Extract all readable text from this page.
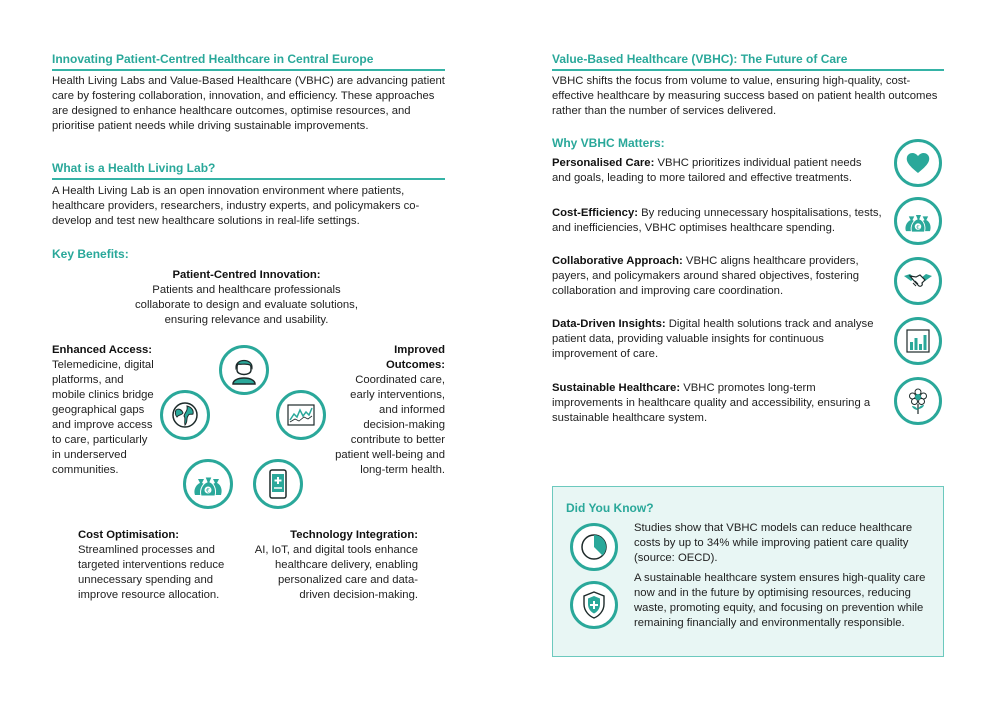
Innovating Patient-Centred Healthcare in Central Europe
Health Living Labs and Value-Based Healthcare (VBHC) are advancing patient care by fostering collaboration, innovation, and efficiency. These approaches are designed to enhance healthcare outcomes, optimise resources, and prioritise patient needs while driving sustainable improvements.
What is a Health Living Lab?
A Health Living Lab is an open innovation environment where patients, healthcare providers, researchers, industry experts, and policymakers co-develop and test new healthcare solutions in real-life settings.
Key Benefits:
Patient-Centred Innovation:
Patients and healthcare professionals collaborate to design and evaluate solutions, ensuring relevance and usability.
Enhanced Access:
Telemedicine, digital platforms, and mobile clinics bridge geographical gaps and improve access to care, particularly in underserved communities.
Improved Outcomes:
Coordinated care, early interventions, and informed decision-making contribute to better patient well-being and long-term health.
Cost Optimisation:
Streamlined processes and targeted interventions reduce unnecessary spending and improve resource allocation.
Technology Integration:
AI, IoT, and digital tools enhance healthcare delivery, enabling personalized care and data-driven decision-making.
€
Value-Based Healthcare (VBHC): The Future of Care
VBHC shifts the focus from volume to value, ensuring high-quality, cost-effective healthcare by measuring success based on patient health outcomes rather than the number of services delivered.
Why VBHC Matters:
Personalised Care: VBHC prioritizes individual patient needs and goals, leading to more tailored and effective treatments.
Cost-Efficiency: By reducing unnecessary hospitalisations, tests, and inefficiencies, VBHC optimises healthcare spending.
Collaborative Approach: VBHC aligns healthcare providers, payers, and policymakers around shared objectives, fostering collaboration and improving care coordination.
Data-Driven Insights: Digital health solutions track and analyse patient data, providing valuable insights for continuous improvement of care.
Sustainable Healthcare: VBHC promotes long-term improvements in healthcare quality and accessibility, ensuring a sustainable healthcare system.
€
Did You Know?
Studies show that VBHC models can reduce healthcare costs by up to 34% while improving patient care quality (source: OECD).
A sustainable healthcare system ensures high-quality care now and in the future by optimising resources, reducing waste, promoting equity, and focusing on prevention while remaining financially and environmentally responsible.
